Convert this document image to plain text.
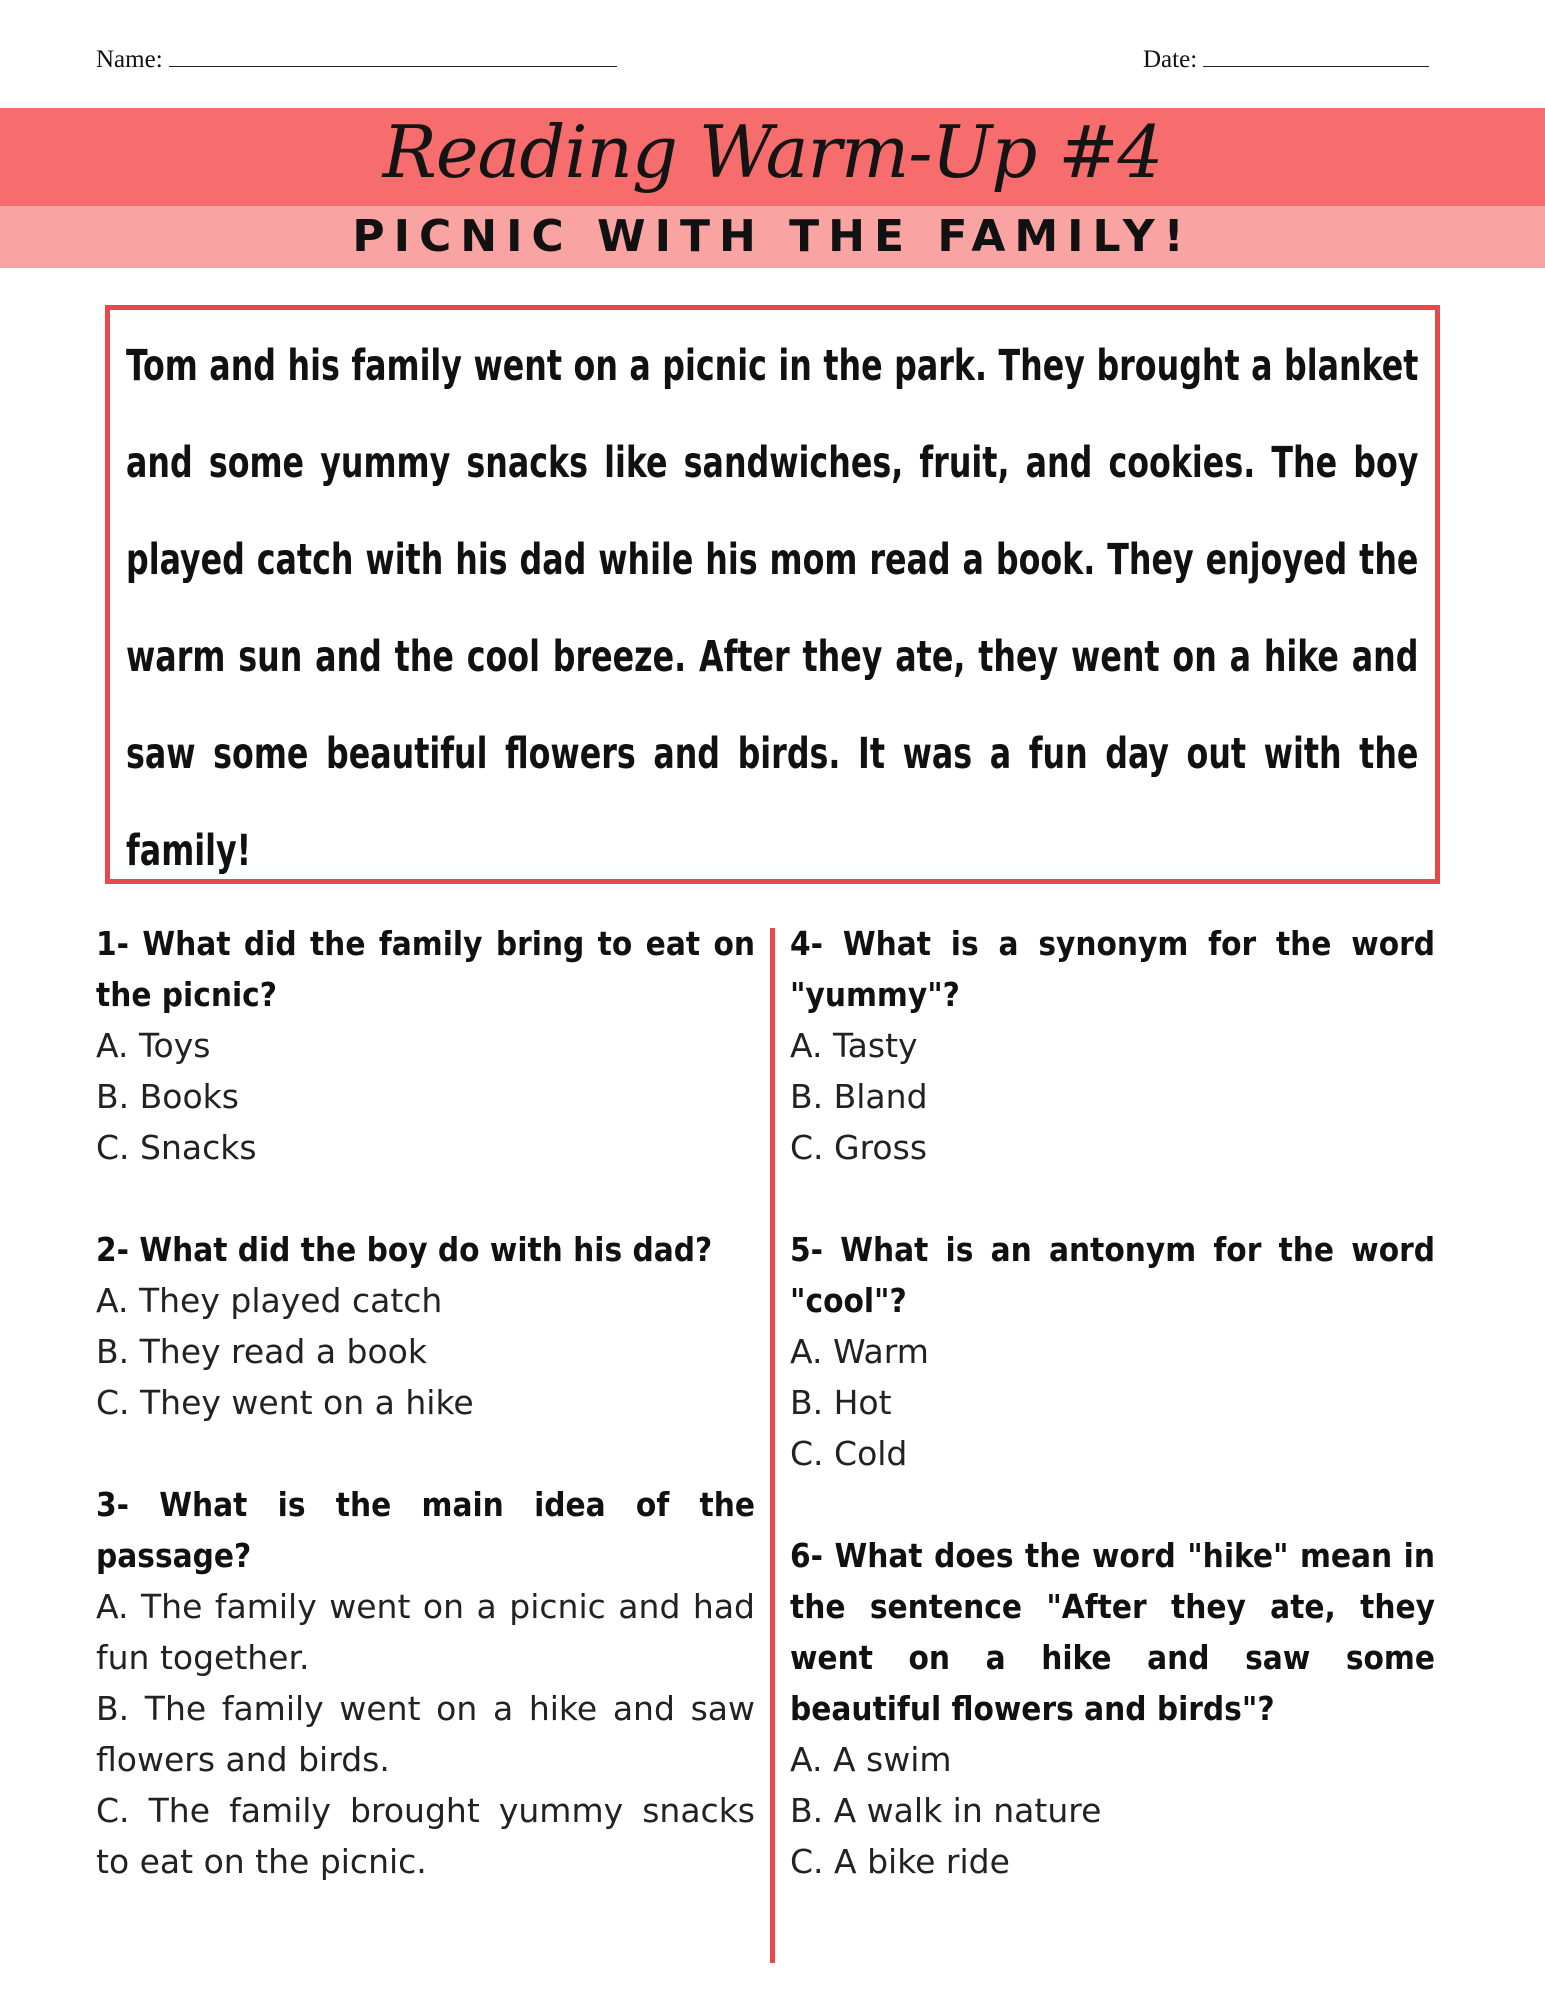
Name:	Date:
Reading Warm-Up #4
PICNIC WITH THE FAMILY!

Tom and his family went on a picnic in the park. They brought a blanket and some yummy snacks like sandwiches, fruit, and cookies. The boy played catch with his dad while his mom read a book. They enjoyed the warm sun and the cool breeze. After they ate, they went on a hike and saw some beautiful flowers and birds. It was a fun day out with the family!

1- What did the family bring to eat on the picnic?

A. Toys

B. Books

C. Snacks

2- What did the boy do with his dad?

A. They played catch

B. They read a book

C. They went on a hike

3- What is the main idea of the passage?

A. The family went on a picnic and had fun together.

B. The family went on a hike and saw flowers and birds.

C. The family brought yummy snacks to eat on the picnic.

4- What is a synonym for the word "yummy"?

A. Tasty

B. Bland

C. Gross

5- What is an antonym for the word "cool"?

A. Warm

B. Hot

C. Cold

6- What does the word "hike" mean in the sentence "After they ate, they went on a hike and saw some beautiful flowers and birds"?

A. A swim

B. A walk in nature

C. A bike ride
